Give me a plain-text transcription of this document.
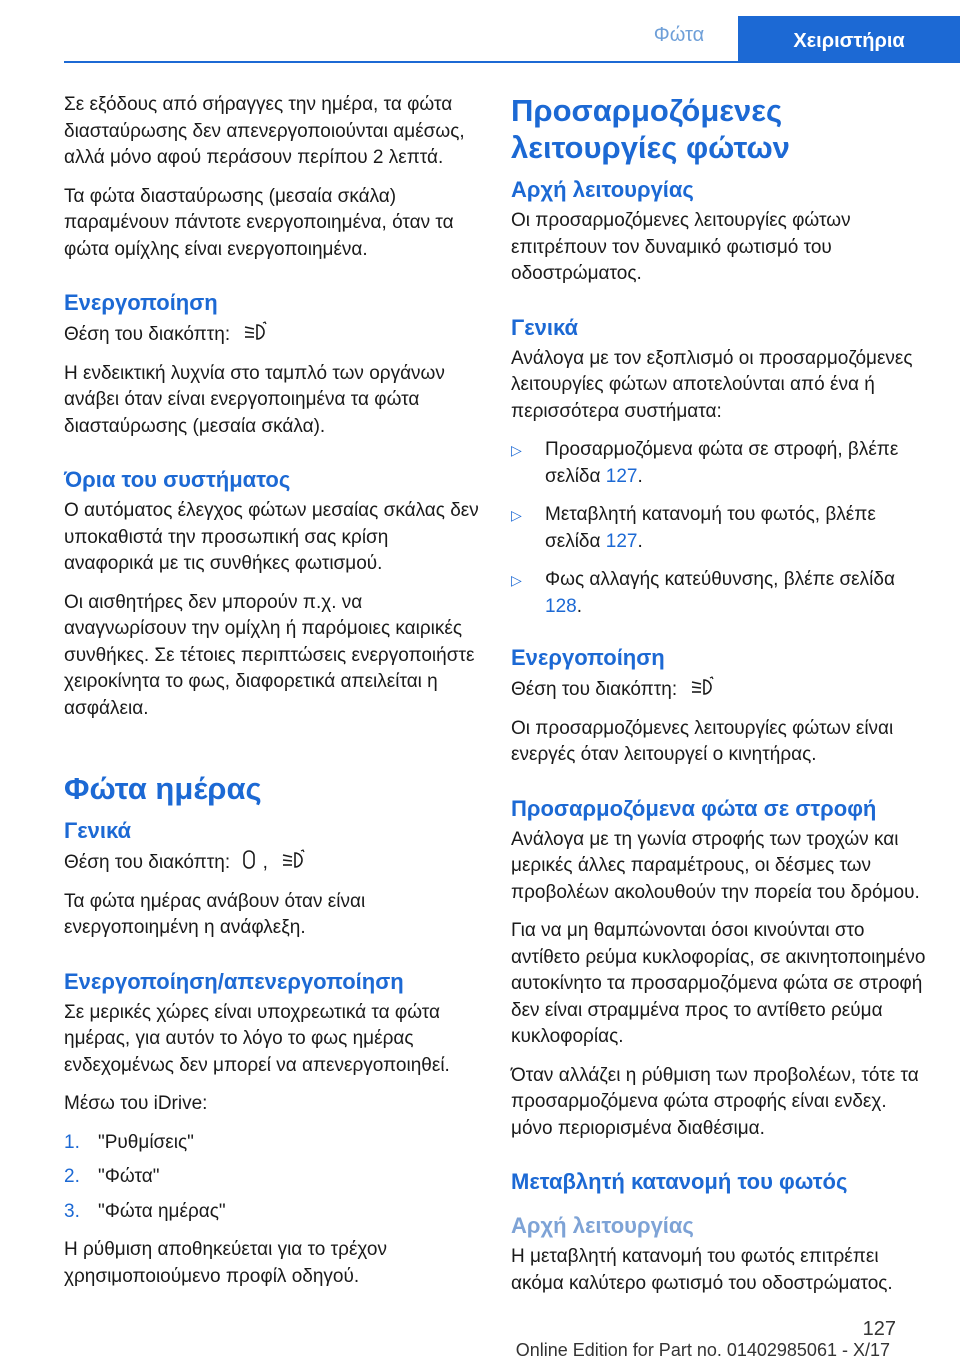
Φώτα	Χειριστήρια

Σε εξόδους από σήραγγες την ημέρα, τα φώτα διασταύρωσης δεν απενεργοποιούνται αμέσως, αλλά μόνο αφού περάσουν περίπου 2 λεπτά.

Τα φώτα διασταύρωσης (μεσαία σκάλα) παραμένουν πάντοτε ενεργοποιημένα, όταν τα φώτα ομίχλης είναι ενεργοποιημένα.

Ενεργοποίηση

Θέση του διακόπτη:

Η ενδεικτική λυχνία στο ταμπλό των οργάνων ανάβει όταν είναι ενεργοποιημένα τα φώτα διασταύρωσης (μεσαία σκάλα).

Όρια του συστήματος

Ο αυτόματος έλεγχος φώτων μεσαίας σκάλας δεν υποκαθιστά την προσωπική σας κρίση αναφορικά με τις συνθήκες φωτισμού.

Οι αισθητήρες δεν μπορούν π.χ. να αναγνωρίσουν την ομίχλη ή παρόμοιες καιρικές συνθήκες. Σε τέτοιες περιπτώσεις ενεργοποιήστε χειροκίνητα το φως, διαφορετικά απειλείται η ασφάλεια.

Φώτα ημέρας
Γενικά

Θέση του διακόπτη: ,

Τα φώτα ημέρας ανάβουν όταν είναι ενεργοποιημένη η ανάφλεξη.

Ενεργοποίηση/απενεργοποίηση

Σε μερικές χώρες είναι υποχρεωτικά τα φώτα ημέρας, για αυτόν το λόγο το φως ημέρας ενδεχομένως δεν μπορεί να απενεργοποιηθεί.

Μέσω του iDrive:

1. "Ρυθμίσεις"
2. "Φώτα"
3. "Φώτα ημέρας"

Η ρύθμιση αποθηκεύεται για το τρέχον χρησιμοποιούμενο προφίλ οδηγού.

Προσαρμοζόμενες λειτουργίες φώτων
Αρχή λειτουργίας

Οι προσαρμοζόμενες λειτουργίες φώτων επιτρέπουν τον δυναμικό φωτισμό του οδοστρώματος.

Γενικά

Ανάλογα με τον εξοπλισμό οι προσαρμοζόμενες λειτουργίες φώτων αποτελούνται από ένα ή περισσότερα συστήματα:

▷ Προσαρμοζόμενα φώτα σε στροφή, βλέπε σελίδα 127.
▷ Μεταβλητή κατανομή του φωτός, βλέπε σελίδα 127.
▷ Φως αλλαγής κατεύθυνσης, βλέπε σελίδα 128.
Ενεργοποίηση

Θέση του διακόπτη:

Οι προσαρμοζόμενες λειτουργίες φώτων είναι ενεργές όταν λειτουργεί ο κινητήρας.

Προσαρμοζόμενα φώτα σε στροφή

Ανάλογα με τη γωνία στροφής των τροχών και μερικές άλλες παραμέτρους, οι δέσμες των προβολέων ακολουθούν την πορεία του δρόμου.

Για να μη θαμπώνονται όσοι κινούνται στο αντίθετο ρεύμα κυκλοφορίας, σε ακινητοποιημένο αυτοκίνητο τα προσαρμοζόμενα φώτα σε στροφή δεν είναι στραμμένα προς το αντίθετο ρεύμα κυκλοφορίας.

Όταν αλλάζει η ρύθμιση των προβολέων, τότε τα προσαρμοζόμενα φώτα στροφής είναι ενδεχ. μόνο περιορισμένα διαθέσιμα.

Μεταβλητή κατανομή του φωτός
Αρχή λειτουργίας

Η μεταβλητή κατανομή του φωτός επιτρέπει ακόμα καλύτερο φωτισμό του οδοστρώματος.

127
Online Edition for Part no. 01402985061 - X/17
